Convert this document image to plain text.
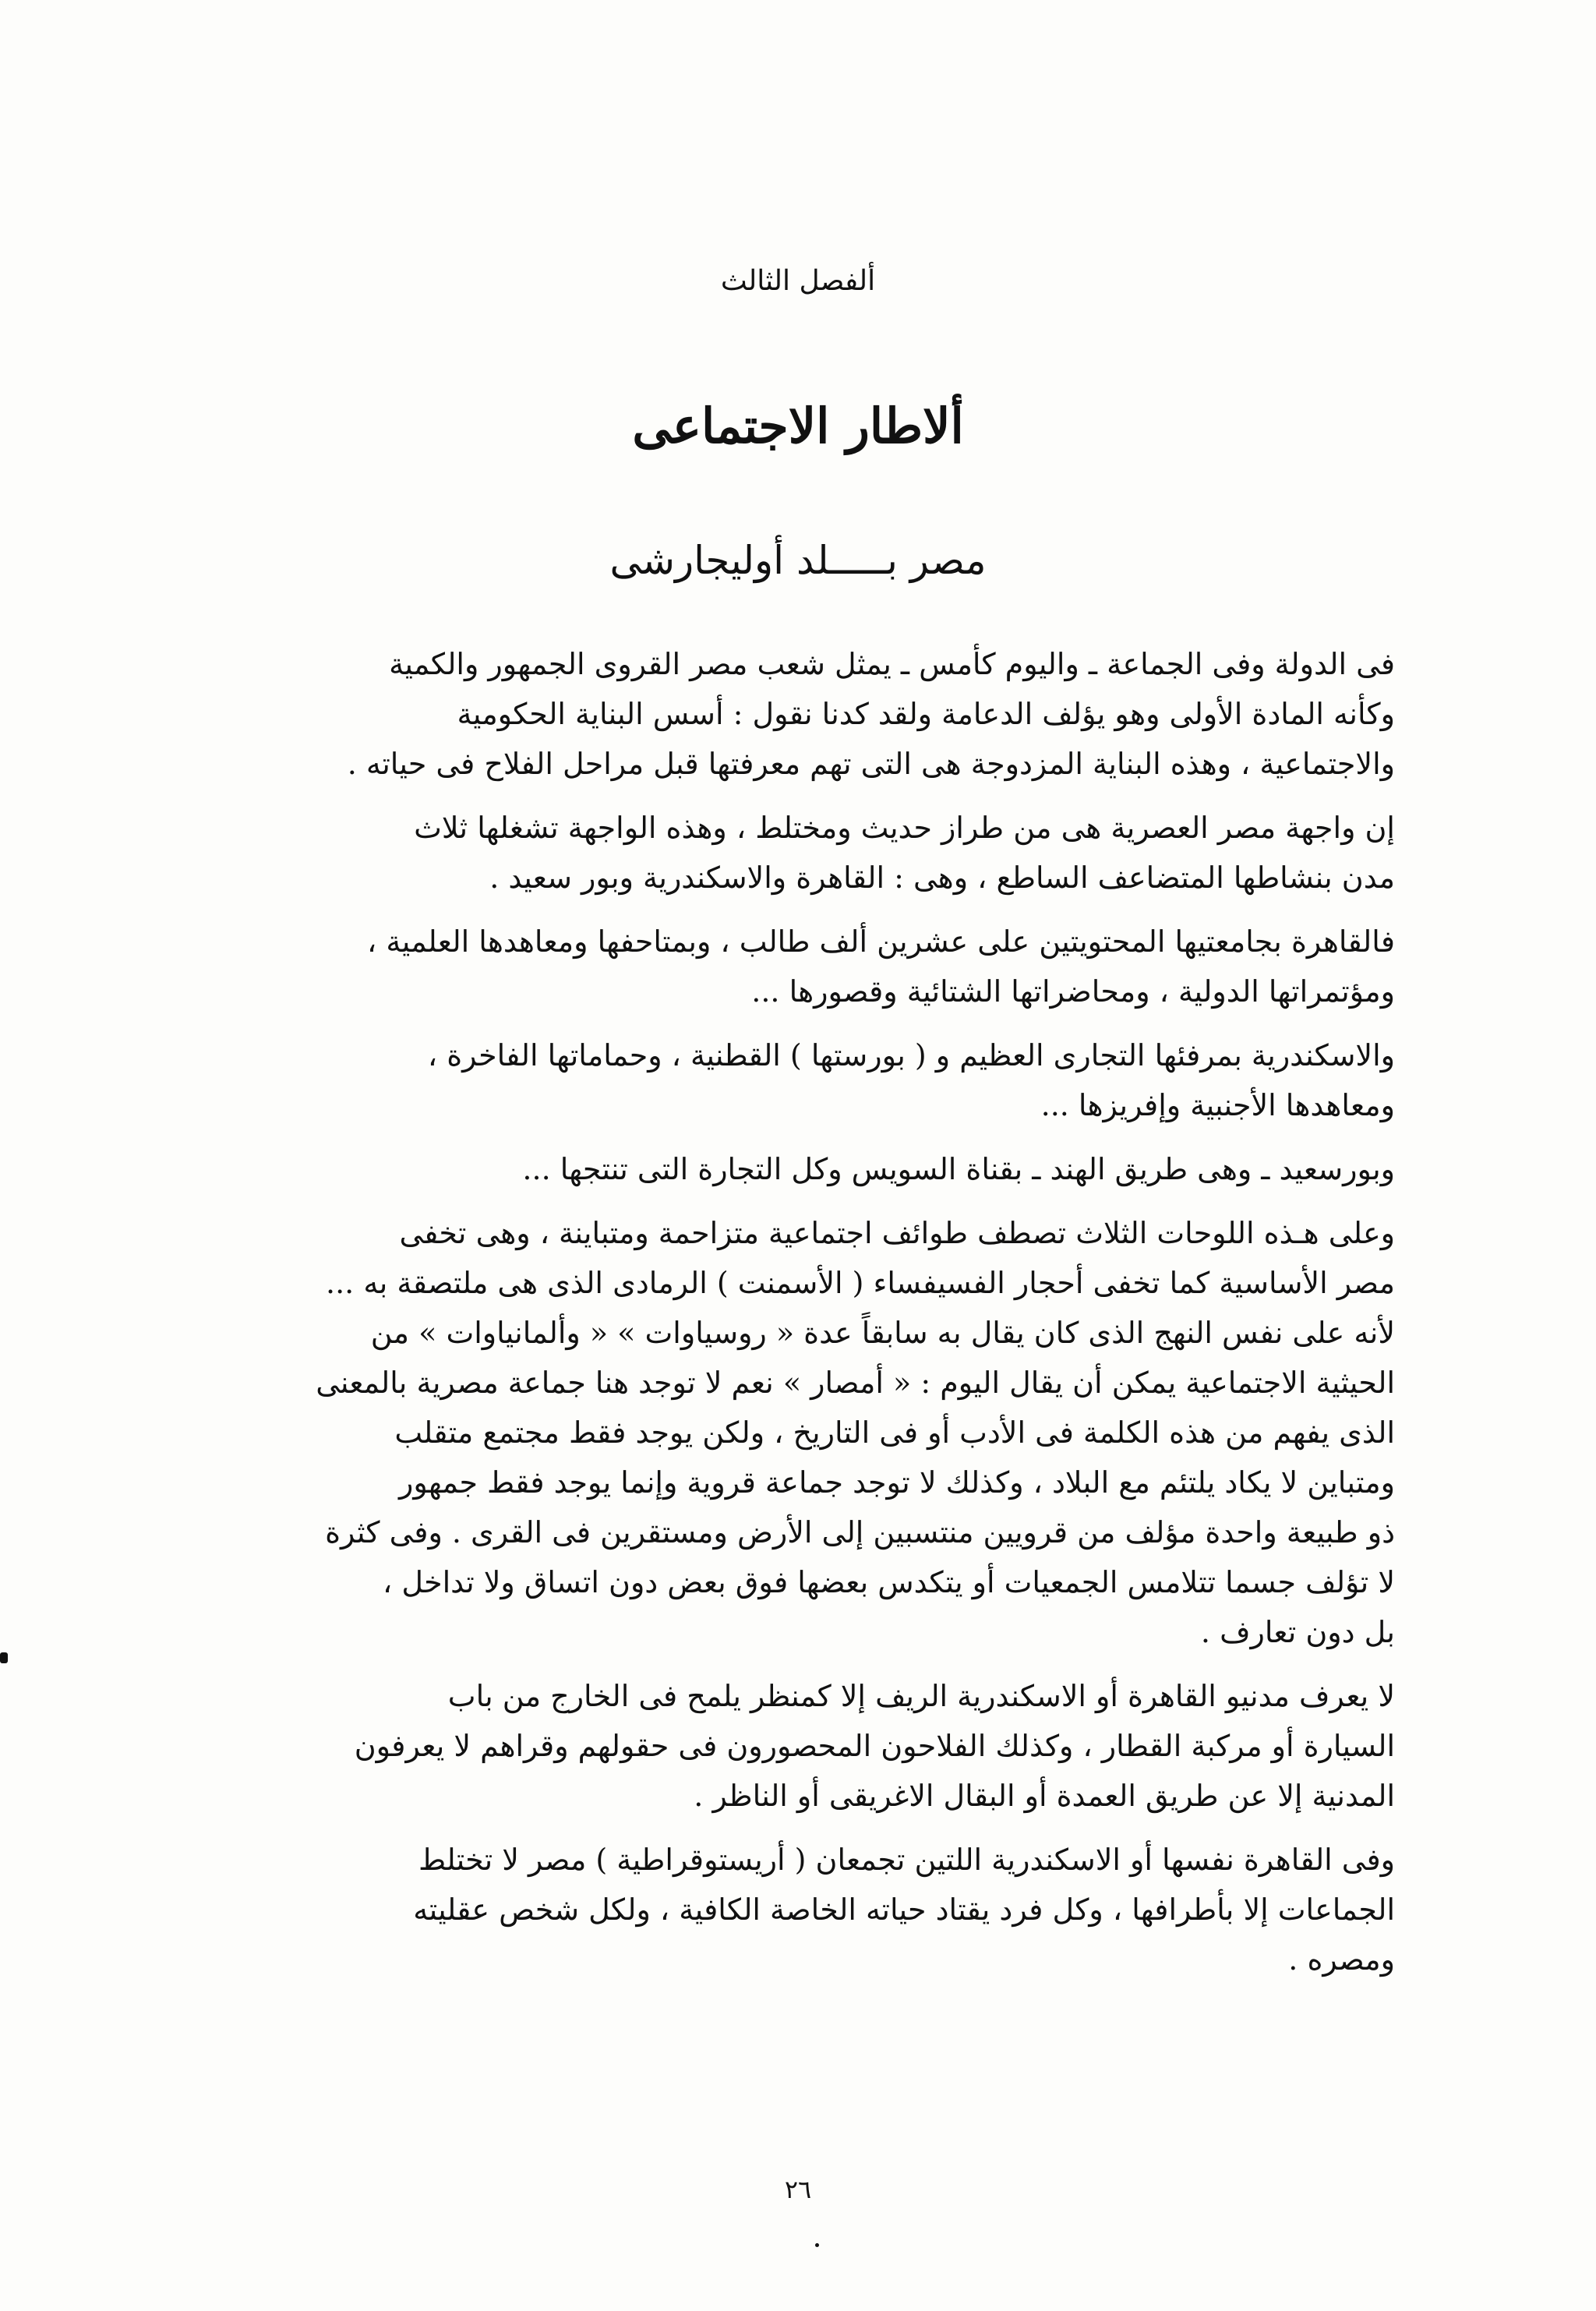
ألفصل الثالث
ألاطار الاجتماعى
مصر بـــــلد أوليجارشى
فى الدولة وفى الجماعة ـ واليوم كأمس ـ يمثل شعب مصر القروى الجمهور والكمية
وكأنه المادة الأولى وهو يؤلف الدعامة ولقد كدنا نقول : أسس البناية الحكومية
والاجتماعية ، وهذه البناية المزدوجة هى التى تهم معرفتها قبل مراحل الفلاح فى حياته .
إن واجهة مصر العصرية هى من طراز حديث ومختلط ، وهذه الواجهة تشغلها ثلاث
مدن بنشاطها المتضاعف الساطع ، وهى : القاهرة والاسكندرية وبور سعيد .
فالقاهرة بجامعتيها المحتويتين على عشرين ألف طالب ، وبمتاحفها ومعاهدها العلمية ،
ومؤتمراتها الدولية ، ومحاضراتها الشتائية وقصورها ...
والاسكندرية بمرفئها التجارى العظيم و ( بورستها ) القطنية ، وحماماتها الفاخرة ،
ومعاهدها الأجنبية وإفريزها ...
وبورسعيد ـ وهى طريق الهند ـ بقناة السويس وكل التجارة التى تنتجها ...
وعلى هـذه اللوحات الثلاث تصطف طوائف اجتماعية متزاحمة ومتباينة ، وهى تخفى
مصر الأساسية كما تخفى أحجار الفسيفساء ( الأسمنت ) الرمادى الذى هى ملتصقة به ...
لأنه على نفس النهج الذى كان يقال به سابقاً عدة « روسياوات » « وألمانياوات » من
الحيثية الاجتماعية يمكن أن يقال اليوم : « أمصار » نعم لا توجد هنا جماعة مصرية بالمعنى
الذى يفهم من هذه الكلمة فى الأدب أو فى التاريخ ، ولكن يوجد فقط مجتمع متقلب
ومتباين لا يكاد يلتئم مع البلاد ، وكذلك لا توجد جماعة قروية وإنما يوجد فقط جمهور
ذو طبيعة واحدة مؤلف من قرويين منتسبين إلى الأرض ومستقرين فى القرى . وفى كثرة
لا تؤلف جسما تتلامس الجمعيات أو يتكدس بعضها فوق بعض دون اتساق ولا تداخل ،
بل دون تعارف .
لا يعرف مدنيو القاهرة أو الاسكندرية الريف إلا كمنظر يلمح فى الخارج من باب
السيارة أو مركبة القطار ، وكذلك الفلاحون المحصورون فى حقولهم وقراهم لا يعرفون
المدنية إلا عن طريق العمدة أو البقال الاغريقى أو الناظر .
وفى القاهرة نفسها أو الاسكندرية اللتين تجمعان ( أريستوقراطية ) مصر لا تختلط
الجماعات إلا بأطرافها ، وكل فرد يقتاد حياته الخاصة الكافية ، ولكل شخص عقليته
ومصره .
٢٦
